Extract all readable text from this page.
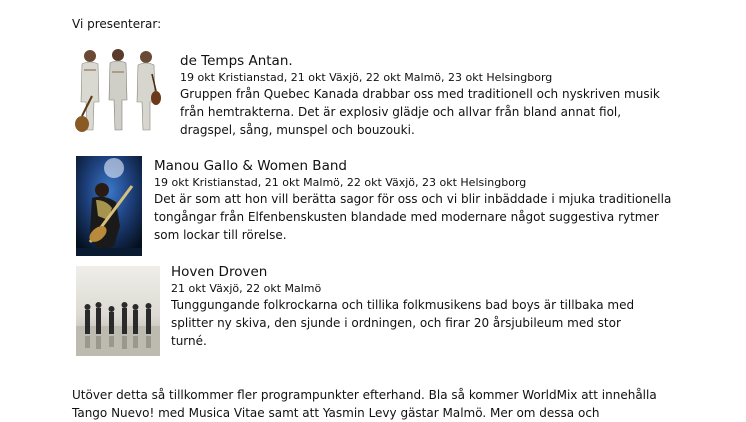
Vi presenterar:
de Temps Antan.
19 okt Kristianstad, 21 okt Växjö, 22 okt Malmö, 23 okt Helsingborg
Gruppen från Quebec Kanada drabbar oss med traditionell och nyskriven musik
från hemtrakterna. Det är explosiv glädje och allvar från bland annat fiol,
dragspel, sång, munspel och bouzouki.
Manou Gallo & Women Band
19 okt Kristianstad, 21 okt Malmö, 22 okt Växjö, 23 okt Helsingborg
Det är som att hon vill berätta sagor för oss och vi blir inbäddade i mjuka traditionella
tongångar från Elfenbenskusten blandade med modernare något suggestiva rytmer
som lockar till rörelse.
Hoven Droven
21 okt Växjö, 22 okt Malmö
Tunggungande folkrockarna och tillika folkmusikens bad boys är tillbaka med
splitter ny skiva, den sjunde i ordningen, och firar 20 årsjubileum med stor
turné.
Utöver detta så tillkommer fler programpunkter efterhand. Bla så kommer WorldMix att innehålla
Tango Nuevo! med Musica Vitae samt att Yasmin Levy gästar Malmö. Mer om dessa och
